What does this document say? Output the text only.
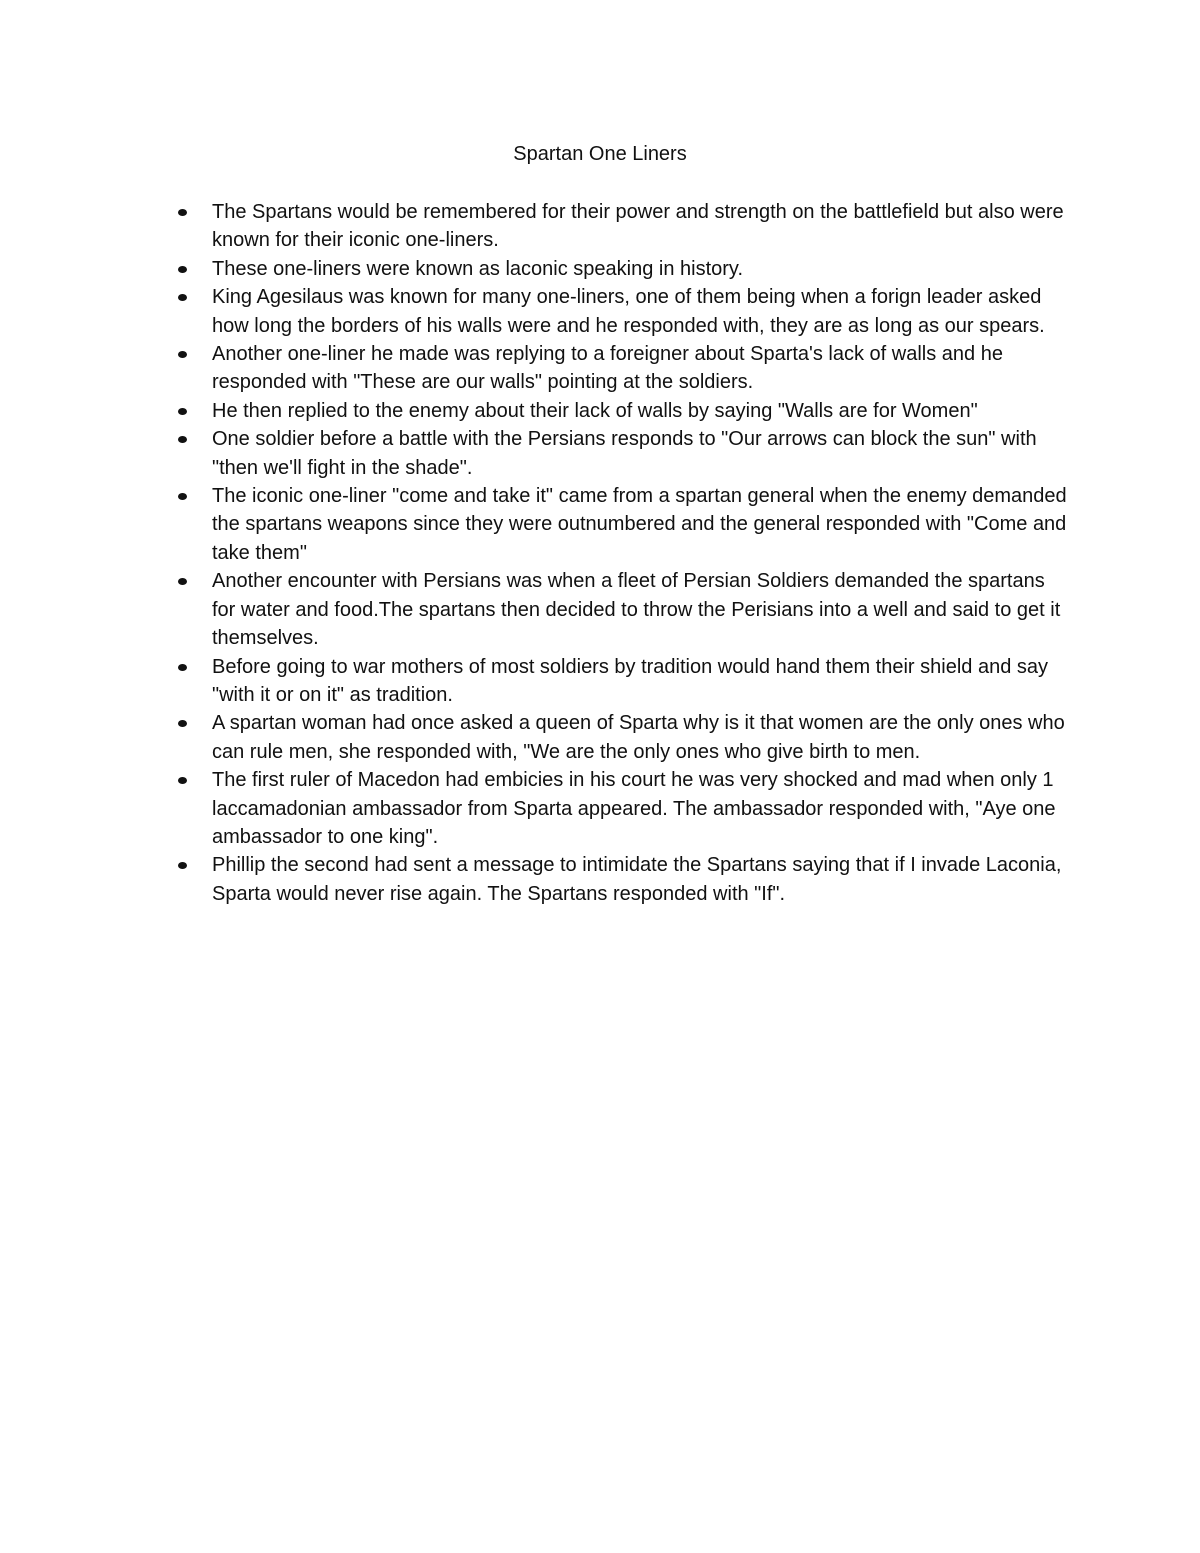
Spartan One Liners
The Spartans would be remembered for their power and strength on the battlefield but also were known for their iconic one-liners.
These one-liners were known as laconic speaking in history.
King Agesilaus was known for many one-liners, one of them being when a forign leader asked how long the borders of his walls were and he responded with, they are as long as our spears.
Another one-liner he made was replying to a foreigner about Sparta's lack of walls and he responded with "These are our walls" pointing at the soldiers.
He then replied to the enemy about their lack of walls by saying "Walls are for Women"
One soldier before a battle with the Persians responds to "Our arrows can block the sun" with "then we'll fight in the shade".
The iconic one-liner "come and take it" came from a spartan general when the enemy demanded the spartans weapons since they were outnumbered and the general responded with "Come and take them"
Another encounter with Persians was when a fleet of Persian Soldiers demanded the spartans for water and food.The spartans then decided to throw the Perisians into a well and said to get it themselves.
Before going to war mothers of most soldiers by tradition would hand them their shield and say "with it or on it" as tradition.
A spartan woman had once asked a queen of Sparta why is it that women are the only ones who can rule men, she responded with, "We are the only ones who give birth to men.
The first ruler of Macedon had embicies in his court he was very shocked and mad when only 1 laccamadonian ambassador from Sparta appeared. The ambassador responded with, "Aye one ambassador to one king".
Phillip the second had sent a message to intimidate the Spartans saying that if I invade Laconia, Sparta would never rise again. The Spartans responded with "If".
